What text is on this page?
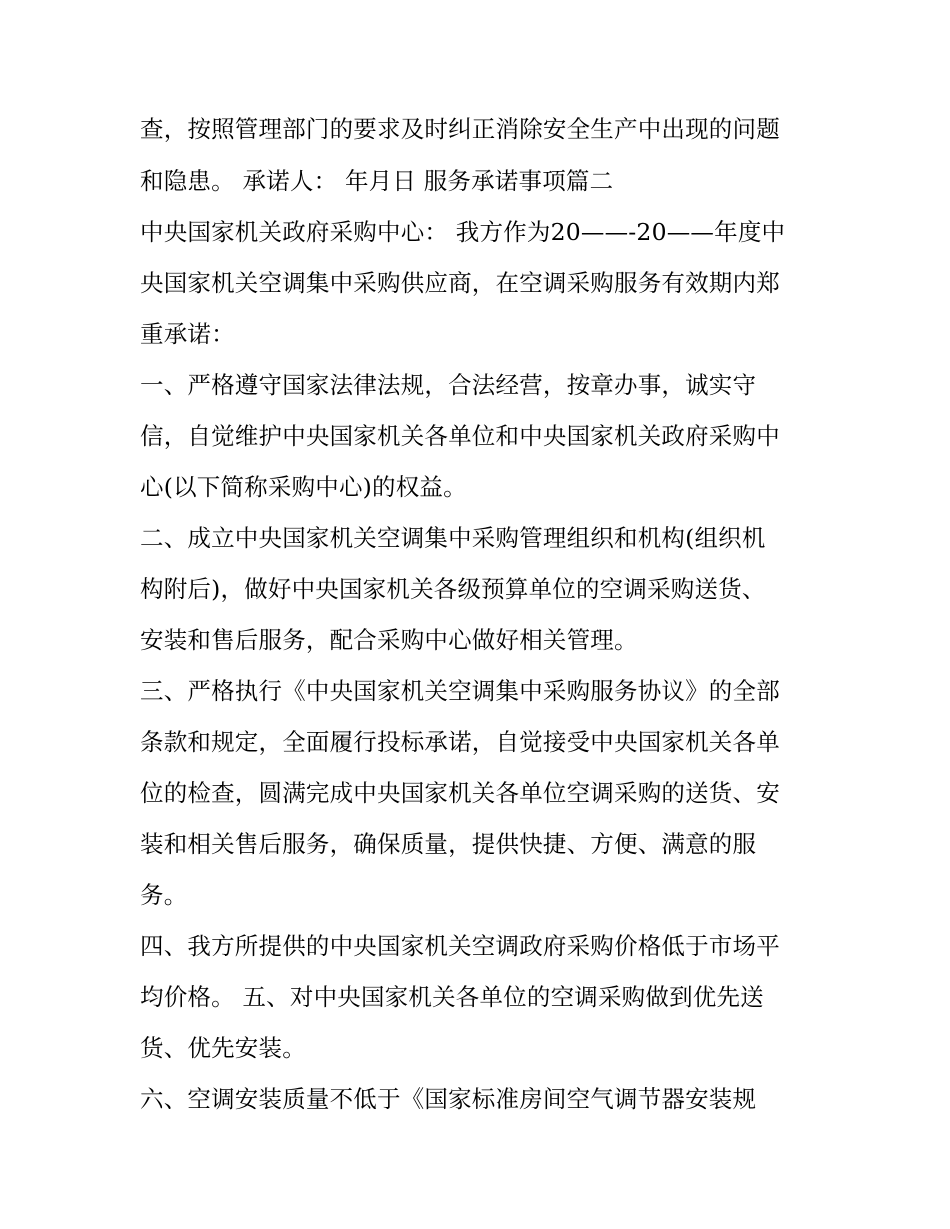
查，按照管理部门的要求及时纠正消除安全生产中出现的问题
和隐患。 承诺人： 年月日 服务承诺事项篇二
中央国家机关政府采购中心： 我方作为20——-20——年度中
央国家机关空调集中采购供应商，在空调采购服务有效期内郑
重承诺：
一、严格遵守国家法律法规，合法经营，按章办事，诚实守
信，自觉维护中央国家机关各单位和中央国家机关政府采购中
心(以下简称采购中心)的权益。
二、成立中央国家机关空调集中采购管理组织和机构(组织机
构附后)，做好中央国家机关各级预算单位的空调采购送货、
安装和售后服务，配合采购中心做好相关管理。
三、严格执行《中央国家机关空调集中采购服务协议》的全部
条款和规定，全面履行投标承诺，自觉接受中央国家机关各单
位的检查，圆满完成中央国家机关各单位空调采购的送货、安
装和相关售后服务，确保质量，提供快捷、方便、满意的服
务。
四、我方所提供的中央国家机关空调政府采购价格低于市场平
均价格。 五、对中央国家机关各单位的空调采购做到优先送
货、优先安装。
六、空调安装质量不低于《国家标准房间空气调节器安装规
